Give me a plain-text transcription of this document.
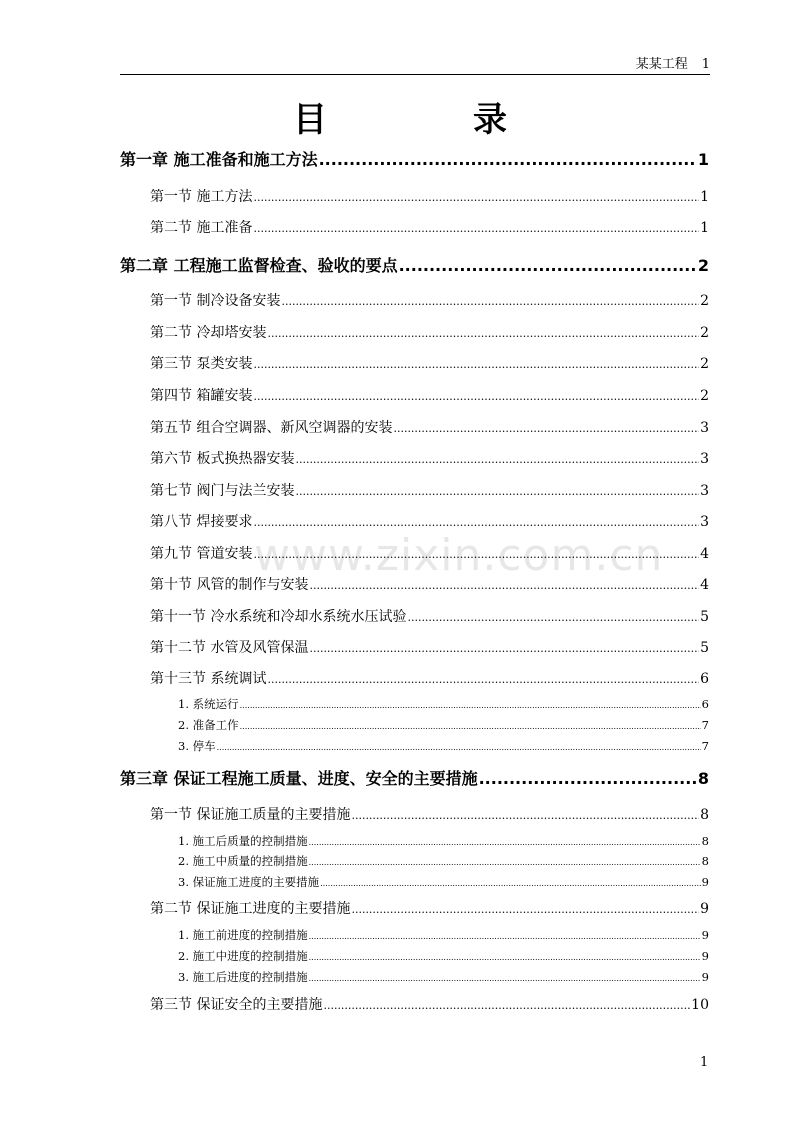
某某工程 1
目　录
www.zixin.com.cn
第一章 施工准备和施工方法 .....	1
第一节 施工方法 .....	1
第二节 施工准备 .....	1
第二章 工程施工监督检查、验收的要点 .....	2
第一节 制冷设备安装 .....	2
第二节 冷却塔安装 .....	2
第三节 泵类安装 .....	2
第四节 箱罐安装 .....	2
第五节 组合空调器、新风空调器的安装 .....	3
第六节 板式换热器安装 .....	3
第七节 阀门与法兰安装 .....	3
第八节 焊接要求 .....	3
第九节 管道安装 .....	4
第十节 风管的制作与安装 .....	4
第十一节 冷水系统和冷却水系统水压试验 .....	5
第十二节 水管及风管保温 .....	5
第十三节 系统调试 .....	6
1. 系统运行 .....	6
2. 准备工作 .....	7
3. 停车 .....	7
第三章 保证工程施工质量、进度、安全的主要措施 .....	8
第一节 保证施工质量的主要措施 .....	8
1. 施工后质量的控制措施 .....	8
2. 施工中质量的控制措施 .....	8
3. 保证施工进度的主要措施 .....	9
第二节 保证施工进度的主要措施 .....	9
1. 施工前进度的控制措施 .....	9
2. 施工中进度的控制措施 .....	9
3. 施工后进度的控制措施 .....	9
第三节 保证安全的主要措施 .....	10
1
